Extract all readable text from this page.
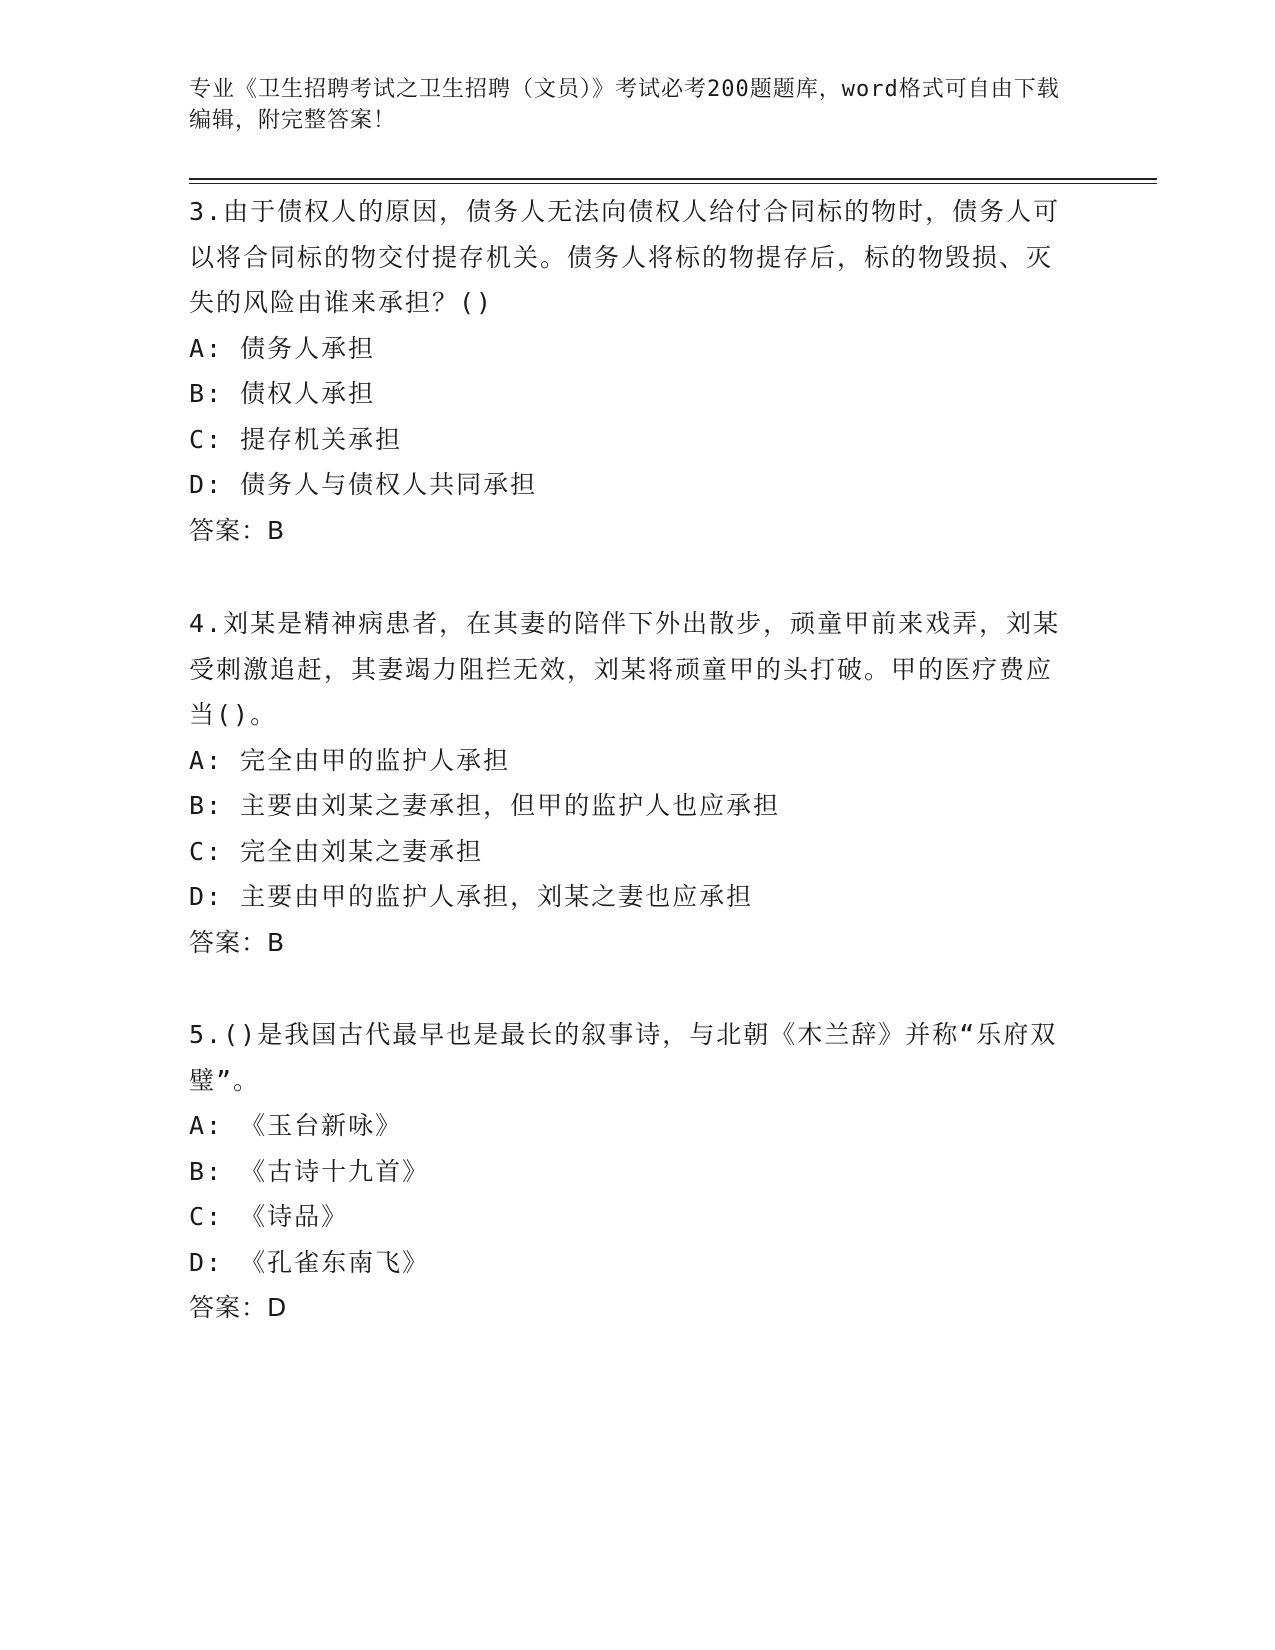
专业《卫生招聘考试之卫生招聘（文员）》考试必考200题题库，word格式可自由下载编辑，附完整答案！

3.由于债权人的原因，债务人无法向债权人给付合同标的物时，债务人可以将合同标的物交付提存机关。债务人将标的物提存后，标的物毁损、灭失的风险由谁来承担？()

A: 债务人承担

B: 债权人承担

C: 提存机关承担

D: 债务人与债权人共同承担

答案：B

4.刘某是精神病患者，在其妻的陪伴下外出散步，顽童甲前来戏弄，刘某受刺激追赶，其妻竭力阻拦无效，刘某将顽童甲的头打破。甲的医疗费应当()。

A: 完全由甲的监护人承担

B: 主要由刘某之妻承担，但甲的监护人也应承担

C: 完全由刘某之妻承担

D: 主要由甲的监护人承担，刘某之妻也应承担

答案：B

5.()是我国古代最早也是最长的叙事诗，与北朝《木兰辞》并称“乐府双璧”。

A: 《玉台新咏》

B: 《古诗十九首》

C: 《诗品》

D: 《孔雀东南飞》

答案：D
